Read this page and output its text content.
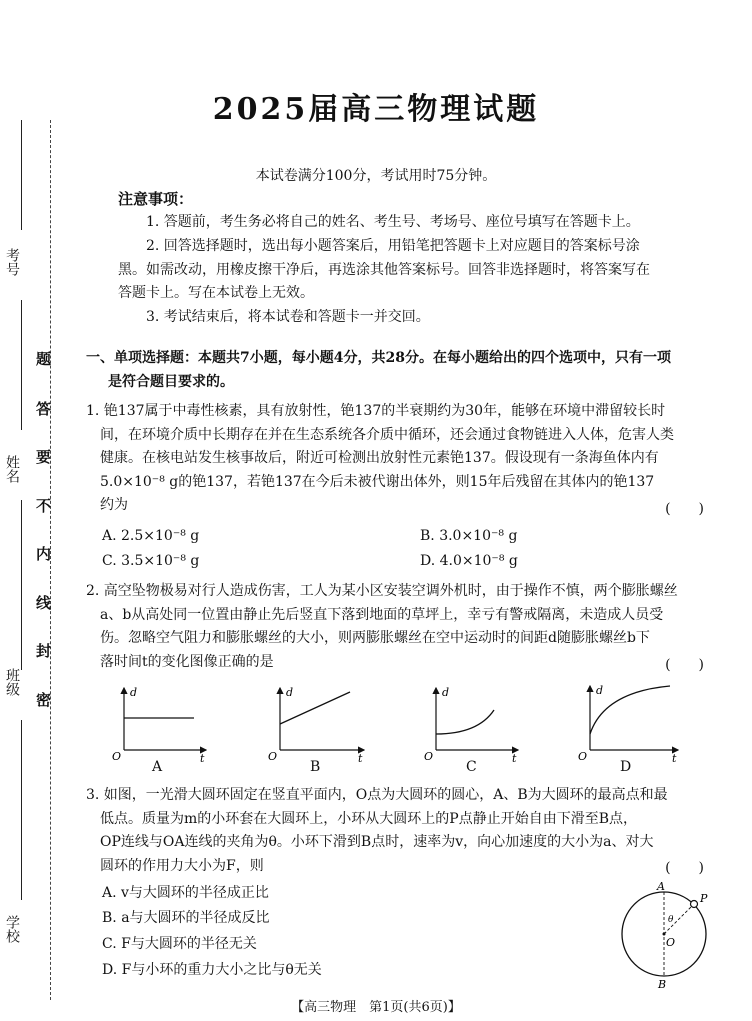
考号
姓名
班级
学校
题
答
要
不
内
线
封
密
2025届高三物理试题
本试卷满分100分，考试用时75分钟。
注意事项：
1. 答题前，考生务必将自己的姓名、考生号、考场号、座位号填写在答题卡上。
2. 回答选择题时，选出每小题答案后，用铅笔把答题卡上对应题目的答案标号涂
黑。如需改动，用橡皮擦干净后，再选涂其他答案标号。回答非选择题时，将答案写在
答题卡上。写在本试卷上无效。
3. 考试结束后，将本试卷和答题卡一并交回。
一、单项选择题：本题共7小题，每小题4分，共28分。在每小题给出的四个选项中，只有一项
是符合题目要求的。
1. 铯137属于中毒性核素，具有放射性，铯137的半衰期约为30年，能够在环境中滞留较长时
间，在环境介质中长期存在并在生态系统各介质中循环，还会通过食物链进入人体，危害人类
健康。在核电站发生核事故后，附近可检测出放射性元素铯137。假设现有一条海鱼体内有
5.0×10⁻⁸ g的铯137，若铯137在今后未被代谢出体外，则15年后残留在其体内的铯137
约为	(　　)
A. 2.5×10⁻⁸ g	B. 3.0×10⁻⁸ g
C. 3.5×10⁻⁸ g	D. 4.0×10⁻⁸ g
2. 高空坠物极易对行人造成伤害，工人为某小区安装空调外机时，由于操作不慎，两个膨胀螺丝
a、b从高处同一位置由静止先后竖直下落到地面的草坪上，幸亏有警戒隔离，未造成人员受
伤。忽略空气阻力和膨胀螺丝的大小，则两膨胀螺丝在空中运动时的间距d随膨胀螺丝b下
落时间t的变化图像正确的是	(　　)
d
t
O
d
t
O
d
t
O
d
t
O
A	B	C	D
3. 如图，一光滑大圆环固定在竖直平面内，O点为大圆环的圆心，A、B为大圆环的最高点和最
低点。质量为m的小环套在大圆环上，小环从大圆环上的P点静止开始自由下滑至B点，
OP连线与OA连线的夹角为θ。小环下滑到B点时，速率为v，向心加速度的大小为a、对大
圆环的作用力大小为F，则	(　　)
A. v与大圆环的半径成正比
B. a与大圆环的半径成反比
C. F与大圆环的半径无关
D. F与小环的重力大小之比与θ无关
A
B
O
P
θ
【高三物理　第1页(共6页)】
